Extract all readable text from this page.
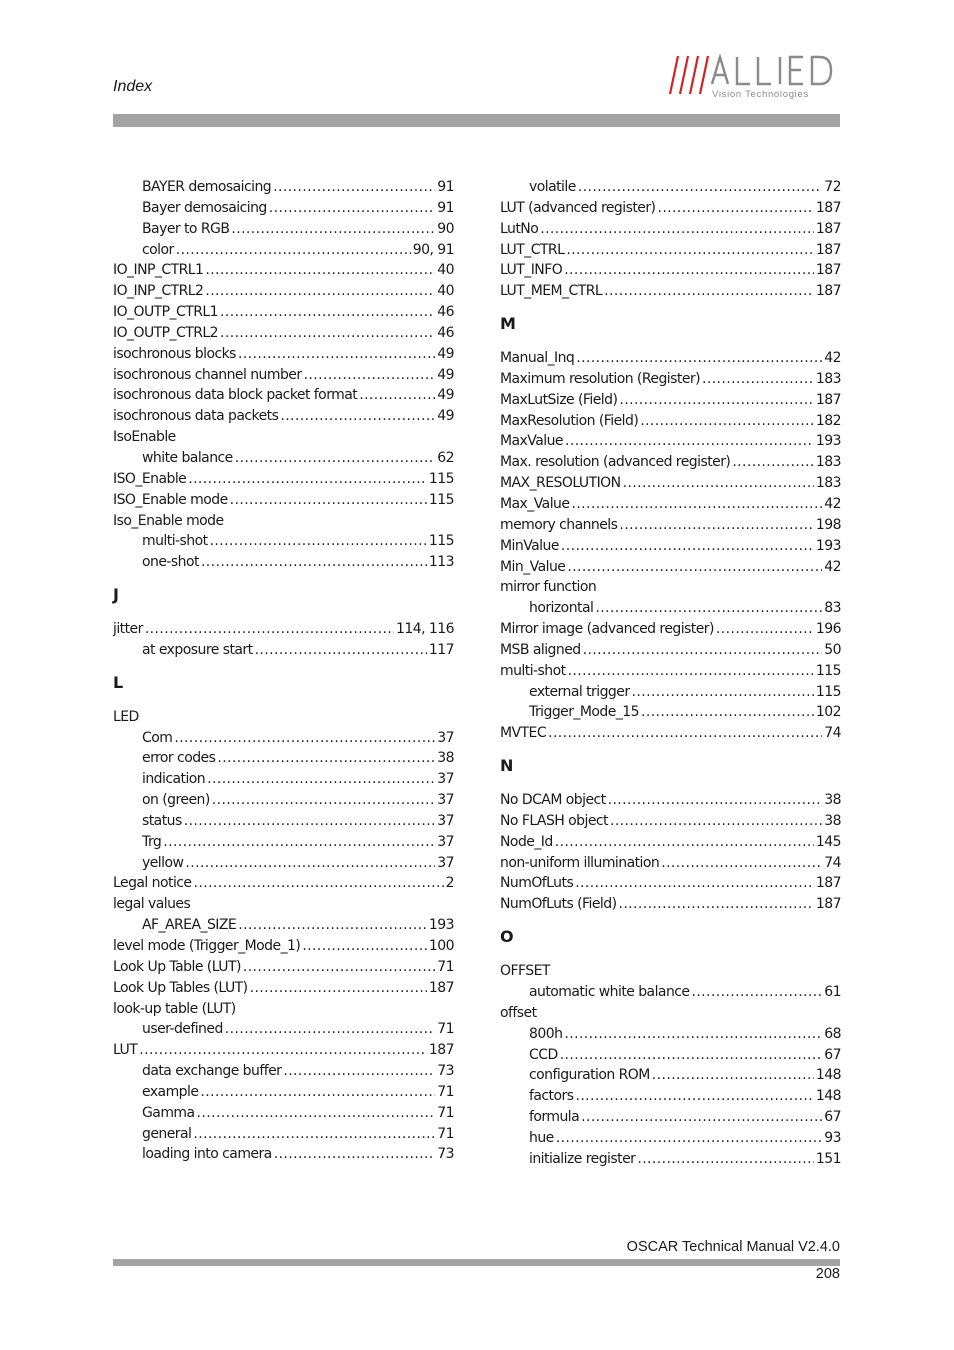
Index	Vision Technologies
BAYER demosaicing .....	91
Bayer demosaicing .....	91
Bayer to RGB .....	90
color .....	90, 91
IO_INP_CTRL1 .....	40
IO_INP_CTRL2 .....	40
IO_OUTP_CTRL1 .....	46
IO_OUTP_CTRL2 .....	46
isochronous blocks .....	49
isochronous channel number .....	49
isochronous data block packet format .....	49
isochronous data packets .....	49
IsoEnable
white balance .....	62
ISO_Enable .....	115
ISO_Enable mode .....	115
Iso_Enable mode
multi-shot .....	115
one-shot .....	113
J
jitter .....	114, 116
at exposure start .....	117
L
LED
Com .....	37
error codes .....	38
indication .....	37
on (green) .....	37
status .....	37
Trg .....	37
yellow .....	37
Legal notice .....	2
legal values
AF_AREA_SIZE .....	193
level mode (Trigger_Mode_1) .....	100
Look Up Table (LUT) .....	71
Look Up Tables (LUT) .....	187
look-up table (LUT)
user-defined .....	71
LUT .....	187
data exchange buffer .....	73
example .....	71
Gamma .....	71
general .....	71
loading into camera .....	73
volatile .....	72
LUT (advanced register) .....	187
LutNo .....	187
LUT_CTRL .....	187
LUT_INFO .....	187
LUT_MEM_CTRL .....	187
M
Manual_Inq .....	42
Maximum resolution (Register) .....	183
MaxLutSize (Field) .....	187
MaxResolution (Field) .....	182
MaxValue .....	193
Max. resolution (advanced register) .....	183
MAX_RESOLUTION .....	183
Max_Value .....	42
memory channels .....	198
MinValue .....	193
Min_Value .....	42
mirror function
horizontal .....	83
Mirror image (advanced register) .....	196
MSB aligned .....	50
multi-shot .....	115
external trigger .....	115
Trigger_Mode_15 .....	102
MVTEC .....	74
N
No DCAM object .....	38
No FLASH object .....	38
Node_Id .....	145
non-uniform illumination .....	74
NumOfLuts .....	187
NumOfLuts (Field) .....	187
O
OFFSET
automatic white balance .....	61
offset
800h .....	68
CCD .....	67
configuration ROM .....	148
factors .....	148
formula .....	67
hue .....	93
initialize register .....	151
OSCAR Technical Manual V2.4.0
208
